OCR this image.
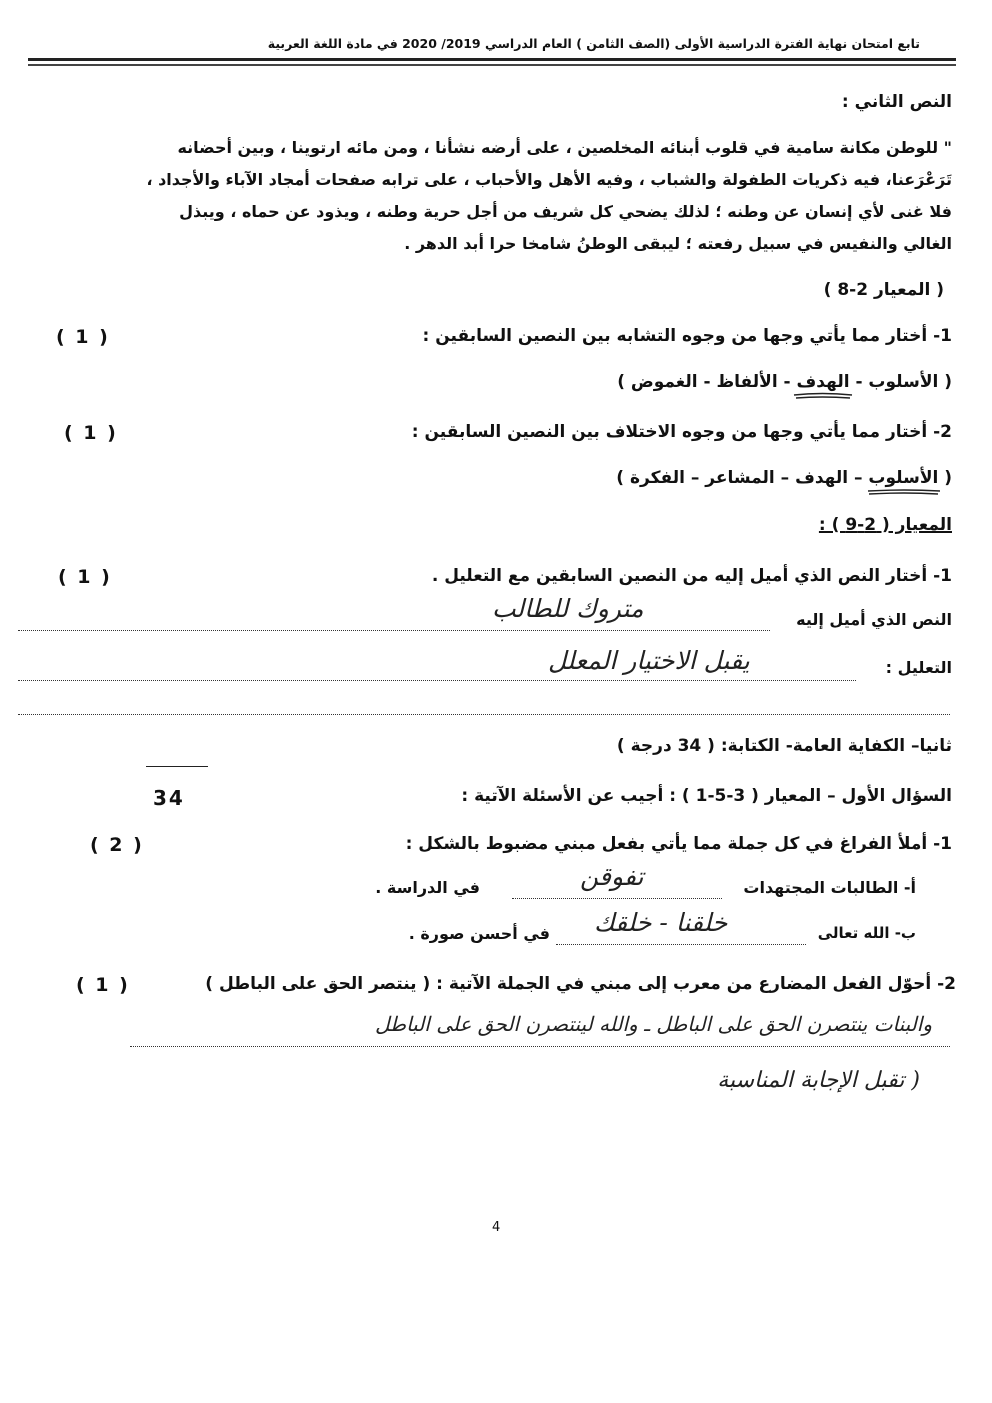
تابع امتحان نهاية الفترة الدراسية الأولى (الصف الثامن ) العام الدراسي 2019/ 2020 في مادة اللغة العربية
النص الثاني :
" للوطن مكانة سامية في قلوب أبنائه المخلصين ، على أرضه نشأنا ، ومن مائه ارتوينا ، وبين أحضانه
تَرَعْرَعنا، فيه ذكريات الطفولة والشباب ، وفيه الأهل والأحباب ، على ترابه صفحات أمجاد الآباء والأجداد ،
فلا غنى لأي إنسان عن وطنه ؛ لذلك يضحي كل شريف من أجل حرية وطنه ، ويذود عن حماه ، ويبذل
الغالي والنفيس في سبيل رفعته ؛ ليبقى الوطنُ شامخا حرا أبد الدهر .
( المعيار 2-8 )
1- أختار مما يأتي وجها من وجوه التشابه بين النصين السابقين :
( 1 )
( الأسلوب - الهدف - الألفاظ - الغموض )
2- أختار مما يأتي وجها من وجوه الاختلاف بين النصين السابقين :
( 1 )
( الأسلوب – الهدف – المشاعر – الفكرة )
المعيار ( 2-9 ) :
1- أختار النص الذي أميل إليه من النصين السابقين مع التعليل .
( 1 )
النص الذي أميل إليه
متروك للطالب
التعليل :
يقبل الاختيار المعلل
ثانيا– الكفاية العامة- الكتابة: ( 34 درجة )
34	السؤال الأول – المعيار ( 3-5-1 ) : أجيب عن الأسئلة الآتية :
1- أملأ الفراغ في كل جملة مما يأتي بفعل مبني مضبوط بالشكل :
( 2 )
أ- الطالبات المجتهدات
تفوقن
في الدراسة .
ب- الله تعالى
خلقنا - خلقك
في أحسن صورة .
2- أحوّل الفعل المضارع من معرب إلى مبني في الجملة الآتية : ( ينتصر الحق على الباطل )
( 1 )
والبنات ينتصرن الحق على الباطل ـ والله لينتصرن الحق على الباطل
( تقبل الإجابة المناسبة
4
